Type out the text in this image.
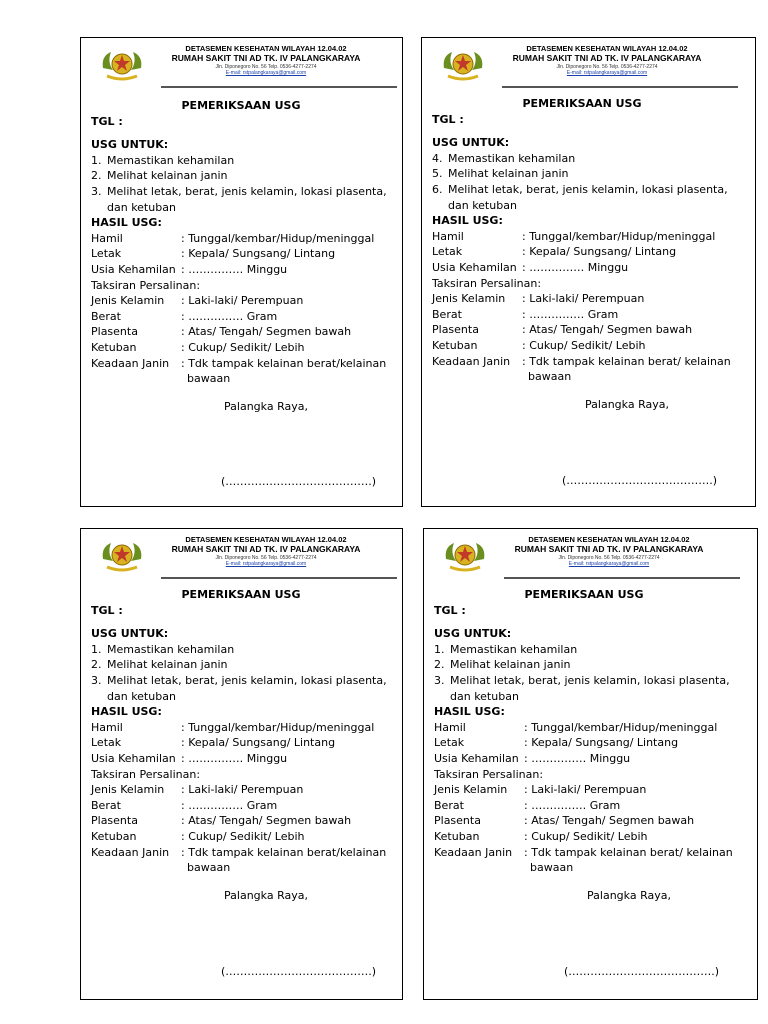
DETASEMEN KESEHATAN WILAYAH 12.04.02
RUMAH SAKIT TNI AD TK. IV PALANGKARAYA
Jln. Diponegoro No. 56 Telp. 0536-4277-2274
E-mail: rstpalangkaraya@gmail.com
PEMERIKSAAN USG
TGL :
USG UNTUK:
1. Memastikan kehamilan
2. Melihat kelainan janin
3. Melihat letak, berat, jenis kelamin, lokasi plasenta,
dan ketuban
HASIL USG:
Hamil	: Tunggal/kembar/Hidup/meninggal
Letak	: Kepala/ Sungsang/ Lintang
Usia Kehamilan : …………… Minggu
Taksiran Persalinan:
Jenis Kelamin	: Laki-laki/ Perempuan
Berat	: …………… Gram
Plasenta	: Atas/ Tengah/ Segmen bawah
Ketuban	: Cukup/ Sedikit/ Lebih
Keadaan Janin	: Tdk tampak kelainan berat/kelainan
bawaan
Palangka Raya,
(………………………………….)
DETASEMEN KESEHATAN WILAYAH 12.04.02
RUMAH SAKIT TNI AD TK. IV PALANGKARAYA
Jln. Diponegoro No. 56 Telp. 0536-4277-2274
E-mail: rstpalangkaraya@gmail.com
PEMERIKSAAN USG
TGL :
USG UNTUK:
4. Memastikan kehamilan
5. Melihat kelainan janin
6. Melihat letak, berat, jenis kelamin, lokasi plasenta,
dan ketuban
HASIL USG:
Hamil	: Tunggal/kembar/Hidup/meninggal
Letak	: Kepala/ Sungsang/ Lintang
Usia Kehamilan : …………… Minggu
Taksiran Persalinan:
Jenis Kelamin	: Laki-laki/ Perempuan
Berat	: …………… Gram
Plasenta	: Atas/ Tengah/ Segmen bawah
Ketuban	: Cukup/ Sedikit/ Lebih
Keadaan Janin	: Tdk tampak kelainan berat/ kelainan
bawaan
Palangka Raya,
(………………………………….)
DETASEMEN KESEHATAN WILAYAH 12.04.02
RUMAH SAKIT TNI AD TK. IV PALANGKARAYA
Jln. Diponegoro No. 56 Telp. 0536-4277-2274
E-mail: rstpalangkaraya@gmail.com
PEMERIKSAAN USG
TGL :
USG UNTUK:
1. Memastikan kehamilan
2. Melihat kelainan janin
3. Melihat letak, berat, jenis kelamin, lokasi plasenta,
dan ketuban
HASIL USG:
Hamil	: Tunggal/kembar/Hidup/meninggal
Letak	: Kepala/ Sungsang/ Lintang
Usia Kehamilan : …………… Minggu
Taksiran Persalinan:
Jenis Kelamin	: Laki-laki/ Perempuan
Berat	: …………… Gram
Plasenta	: Atas/ Tengah/ Segmen bawah
Ketuban	: Cukup/ Sedikit/ Lebih
Keadaan Janin	: Tdk tampak kelainan berat/kelainan
bawaan
Palangka Raya,
(………………………………….)
DETASEMEN KESEHATAN WILAYAH 12.04.02
RUMAH SAKIT TNI AD TK. IV PALANGKARAYA
Jln. Diponegoro No. 56 Telp. 0536-4277-2274
E-mail: rstpalangkaraya@gmail.com
PEMERIKSAAN USG
TGL :
USG UNTUK:
1. Memastikan kehamilan
2. Melihat kelainan janin
3. Melihat letak, berat, jenis kelamin, lokasi plasenta,
dan ketuban
HASIL USG:
Hamil	: Tunggal/kembar/Hidup/meninggal
Letak	: Kepala/ Sungsang/ Lintang
Usia Kehamilan : …………… Minggu
Taksiran Persalinan:
Jenis Kelamin	: Laki-laki/ Perempuan
Berat	: …………… Gram
Plasenta	: Atas/ Tengah/ Segmen bawah
Ketuban	: Cukup/ Sedikit/ Lebih
Keadaan Janin	: Tdk tampak kelainan berat/ kelainan
bawaan
Palangka Raya,
(………………………………….)
